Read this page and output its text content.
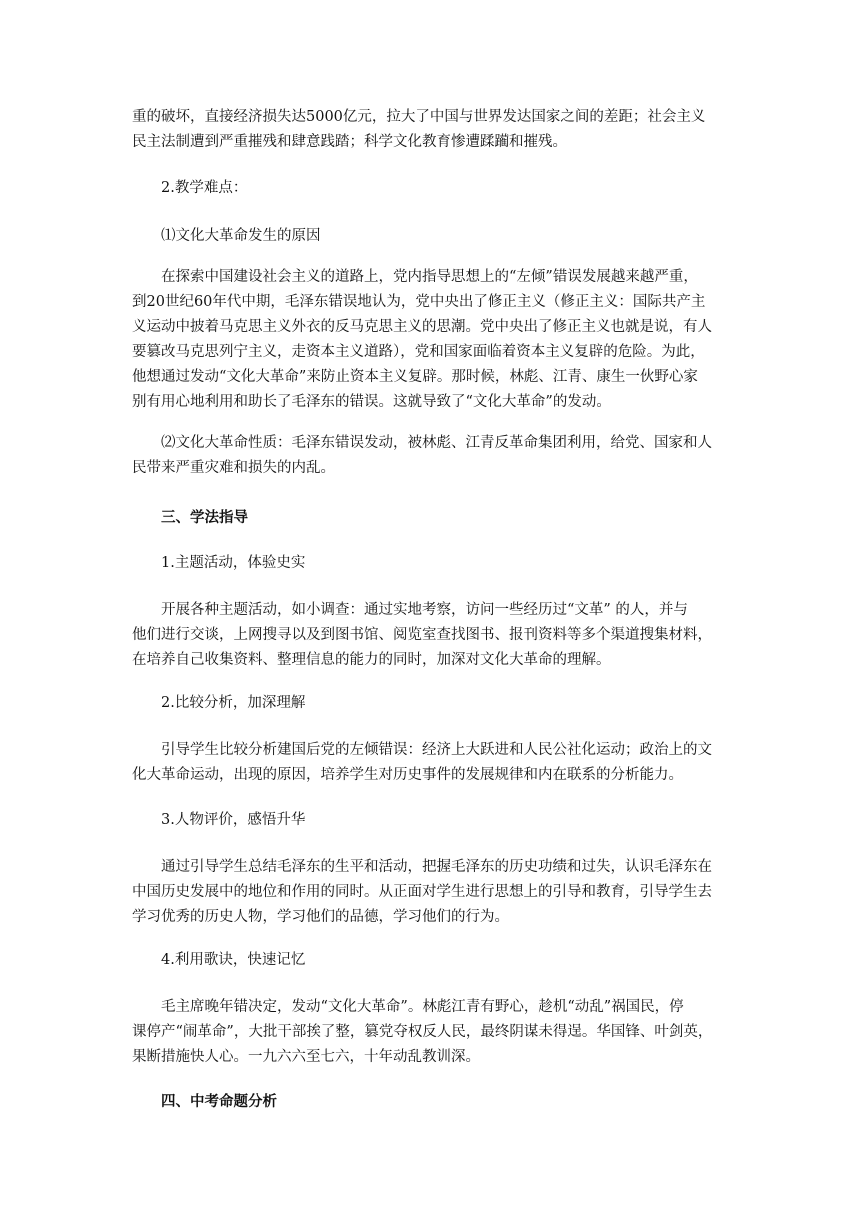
重的破坏，直接经济损失达5000亿元，拉大了中国与世界发达国家之间的差距；社会主义
民主法制遭到严重摧残和肆意践踏；科学文化教育惨遭蹂躏和摧残。

2.教学难点：

⑴文化大革命发生的原因

在探索中国建设社会主义的道路上，党内指导思想上的“左倾”错误发展越来越严重，
到20世纪60年代中期，毛泽东错误地认为，党中央出了修正主义（修正主义：国际共产主
义运动中披着马克思主义外衣的反马克思主义的思潮。党中央出了修正主义也就是说，有人
要篡改马克思列宁主义，走资本主义道路），党和国家面临着资本主义复辟的危险。为此，
他想通过发动“文化大革命”来防止资本主义复辟。那时候，林彪、江青、康生一伙野心家
别有用心地利用和助长了毛泽东的错误。这就导致了“文化大革命”的发动。

⑵文化大革命性质：毛泽东错误发动，被林彪、江青反革命集团利用，给党、国家和人
民带来严重灾难和损失的内乱。

三、学法指导

1.主题活动，体验史实

开展各种主题活动，如小调查：通过实地考察，访问一些经历过“文革” 的人，并与
他们进行交谈，上网搜寻以及到图书馆、阅览室查找图书、报刊资料等多个渠道搜集材料，
在培养自己收集资料、整理信息的能力的同时，加深对文化大革命的理解。

2.比较分析，加深理解

引导学生比较分析建国后党的左倾错误：经济上大跃进和人民公社化运动；政治上的文
化大革命运动，出现的原因，培养学生对历史事件的发展规律和内在联系的分析能力。

3.人物评价，感悟升华

通过引导学生总结毛泽东的生平和活动，把握毛泽东的历史功绩和过失，认识毛泽东在
中国历史发展中的地位和作用的同时。从正面对学生进行思想上的引导和教育，引导学生去
学习优秀的历史人物，学习他们的品德，学习他们的行为。

4.利用歌诀，快速记忆

毛主席晚年错决定，发动“文化大革命”。林彪江青有野心，趁机“动乱”祸国民，停
课停产“闹革命”，大批干部挨了整，篡党夺权反人民，最终阴谋未得逞。华国锋、叶剑英，
果断措施快人心。一九六六至七六，十年动乱教训深。

四、中考命题分析
